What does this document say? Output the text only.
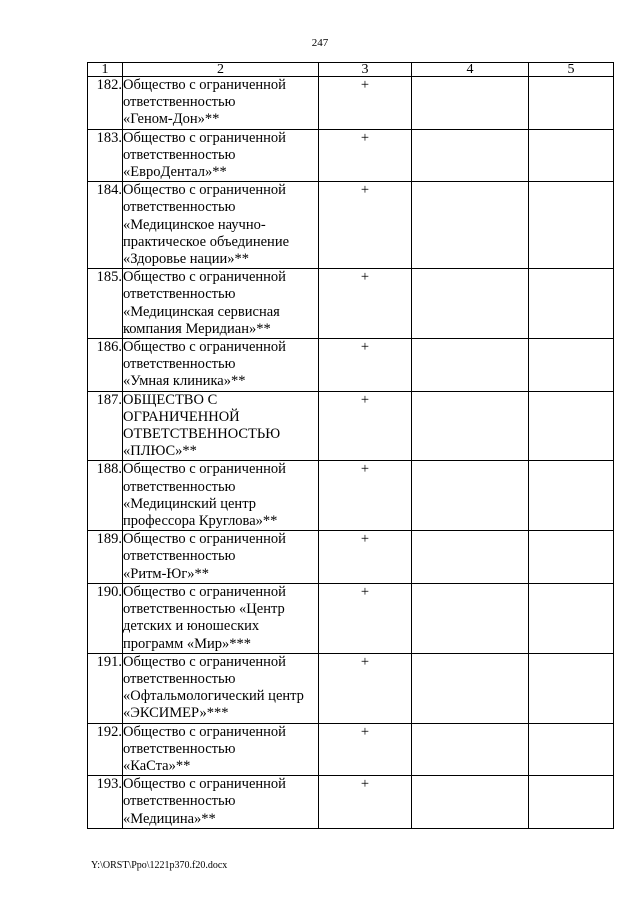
247
1	2	3	4	5
182.	Общество с ограниченной
ответственностью
«Геном-Дон»**	+		
183.	Общество с ограниченной
ответственностью
«ЕвроДентал»**	+		
184.	Общество с ограниченной
ответственностью
«Медицинское научно-
практическое объединение
«Здоровье нации»**	+		
185.	Общество с ограниченной
ответственностью
«Медицинская сервисная
компания Меридиан»**	+		
186.	Общество с ограниченной
ответственностью
«Умная клиника»**	+		
187.	ОБЩЕСТВО С
ОГРАНИЧЕННОЙ
ОТВЕТСТВЕННОСТЬЮ
«ПЛЮС»**	+		
188.	Общество с ограниченной
ответственностью
«Медицинский центр
профессора Круглова»**	+		
189.	Общество с ограниченной
ответственностью
«Ритм-Юг»**	+		
190.	Общество с ограниченной
ответственностью «Центр
детских и юношеских
программ «Мир»***	+		
191.	Общество с ограниченной
ответственностью
«Офтальмологический центр
«ЭКСИМЕР»***	+		
192.	Общество с ограниченной
ответственностью
«КаСта»**	+		
193.	Общество с ограниченной
ответственностью
«Медицина»**	+		
Y:\ORST\Ppo\1221p370.f20.docx
